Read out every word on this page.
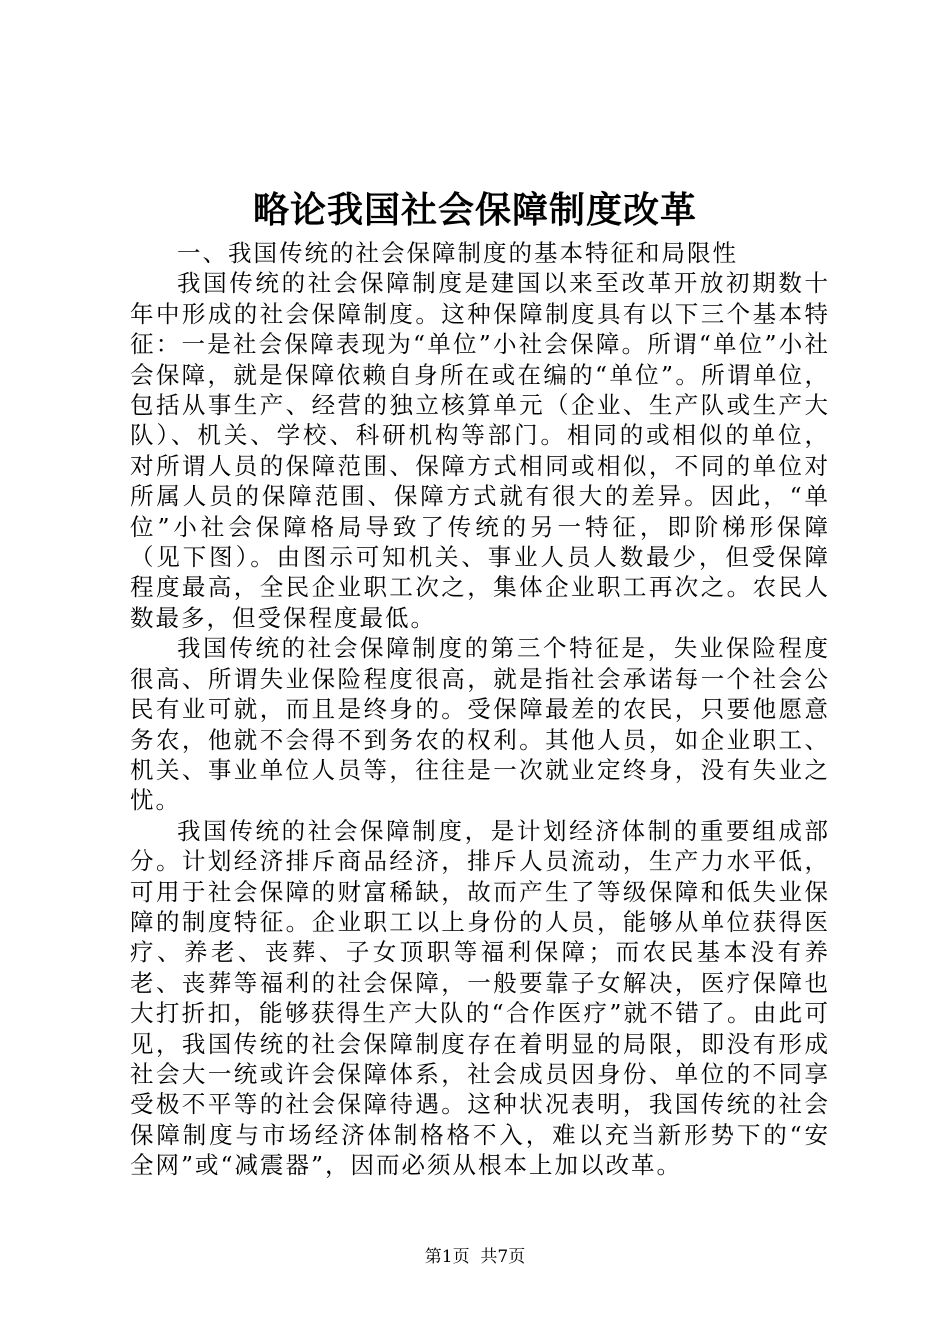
略论我国社会保障制度改革

一、我国传统的社会保障制度的基本特征和局限性

我国传统的社会保障制度是建国以来至改革开放初期数十年中形成的社会保障制度。这种保障制度具有以下三个基本特征：一是社会保障表现为“单位”小社会保障。所谓“单位”小社会保障，就是保障依赖自身所在或在编的“单位”。所谓单位，包括从事生产、经营的独立核算单元（企业、生产队或生产大队）、机关、学校、科研机构等部门。相同的或相似的单位，对所谓人员的保障范围、保障方式相同或相似，不同的单位对所属人员的保障范围、保障方式就有很大的差异。因此，“单位”小社会保障格局导致了传统的另一特征，即阶梯形保障（见下图）。由图示可知机关、事业人员人数最少，但受保障程度最高，全民企业职工次之，集体企业职工再次之。农民人数最多，但受保程度最低。

我国传统的社会保障制度的第三个特征是，失业保险程度很高、所谓失业保险程度很高，就是指社会承诺每一个社会公民有业可就，而且是终身的。受保障最差的农民，只要他愿意务农，他就不会得不到务农的权利。其他人员，如企业职工、机关、事业单位人员等，往往是一次就业定终身，没有失业之忧。

我国传统的社会保障制度，是计划经济体制的重要组成部分。计划经济排斥商品经济，排斥人员流动，生产力水平低，可用于社会保障的财富稀缺，故而产生了等级保障和低失业保障的制度特征。企业职工以上身份的人员，能够从单位获得医疗、养老、丧葬、子女顶职等福利保障；而农民基本没有养老、丧葬等福利的社会保障，一般要靠子女解决，医疗保障也大打折扣，能够获得生产大队的“合作医疗”就不错了。由此可见，我国传统的社会保障制度存在着明显的局限，即没有形成社会大一统或许会保障体系，社会成员因身份、单位的不同享受极不平等的社会保障待遇。这种状况表明，我国传统的社会保障制度与市场经济体制格格不入，难以充当新形势下的“安全网”或“减震器”，因而必须从根本上加以改革。

第1页 共7页
